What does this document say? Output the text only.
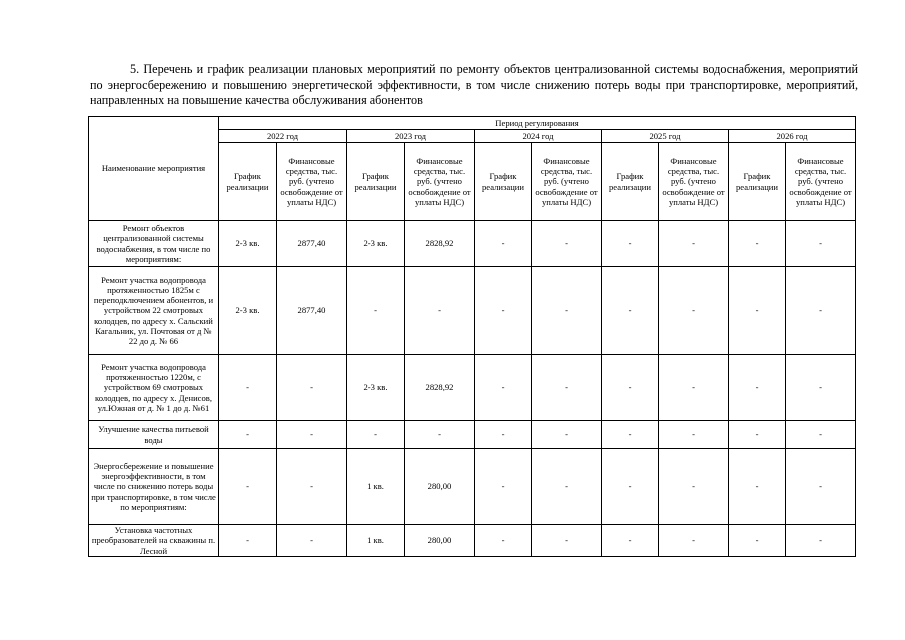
5. Перечень и график реализации плановых мероприятий по ремонту объектов централизованной системы водоснабжения, мероприятий по энергосбережению и повышению энергетической эффективности, в том числе снижению потерь воды при транспортировке, мероприятий, направленных на повышение качества обслуживания абонентов

Наименование мероприятия	Период регулирования									
	2022 год		2023 год		2024 год		2025 год		2026 год	
	График реализации	Финансовые средства, тыс. руб. (учтено освобождение от уплаты НДС)	График реализации	Финансовые средства, тыс. руб. (учтено освобождение от уплаты НДС)	График реализации	Финансовые средства, тыс. руб. (учтено освобождение от уплаты НДС)	График реализации	Финансовые средства, тыс. руб. (учтено освобождение от уплаты НДС)	График реализации	Финансовые средства, тыс. руб. (учтено освобождение от уплаты НДС)
Ремонт объектов централизованной системы водоснабжения, в том числе по мероприятиям:	2-3 кв.	2877,40	2-3 кв.	2828,92	-	-	-	-	-	-
Ремонт участка водопровода протяженностью 1825м с переподключением абонентов, и устройством 22 смотровых колодцев, по адресу х. Сальский Кагальник, ул. Почтовая от д № 22 до д. № 66	2-3 кв.	2877,40	-	-	-	-	-	-	-	-
Ремонт участка водопровода протяженностью 1220м, с устройством 69 смотровых колодцев, по адресу х. Денисов, ул.Южная от д. № 1 до д. №61	-	-	2-3 кв.	2828,92	-	-	-	-	-	-
Улучшение качества питьевой воды	-	-	-	-	-	-	-	-	-	-
Энергосбережение и повышение энергоэффективности, в том числе по снижению потерь воды при транспортировке, в том числе по мероприятиям:	-	-	1 кв.	280,00	-	-	-	-	-	-
Установка частотных преобразователей на скважины п. Лесной	-	-	1 кв.	280,00	-	-	-	-	-	-
